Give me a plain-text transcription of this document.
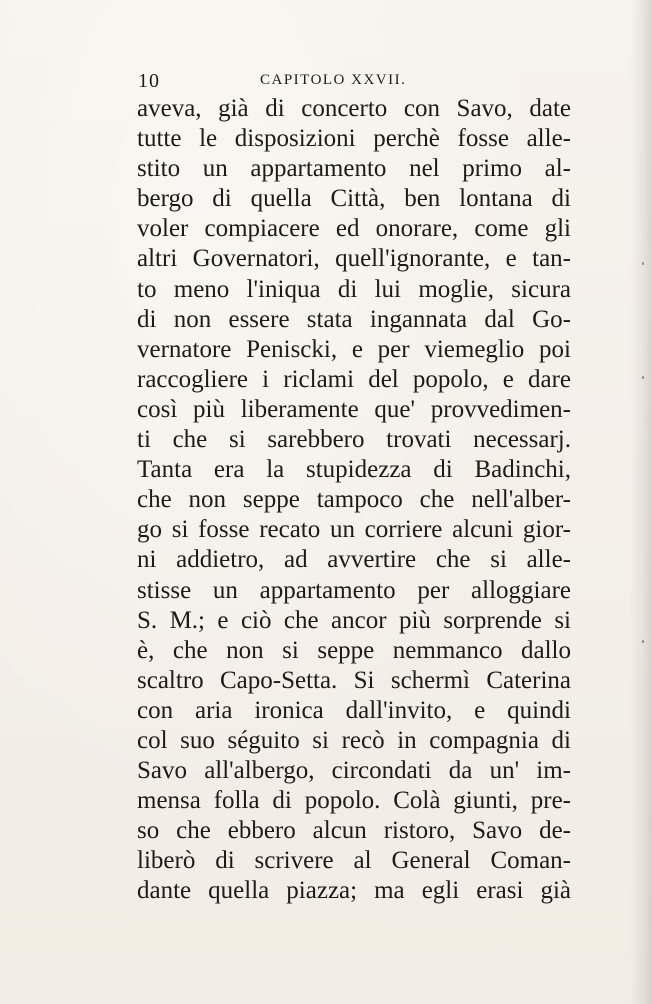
10	CAPITOLO XXVII.
aveva, già di concerto con Savo, date
tutte le disposizioni perchè fosse alle-
stito un appartamento nel primo al-
bergo di quella Città, ben lontana di
voler compiacere ed onorare, come gli
altri Governatori, quell'ignorante, e tan-
to meno l'iniqua di lui moglie, sicura
di non essere stata ingannata dal Go-
vernatore Peniscki, e per viemeglio poi
raccogliere i riclami del popolo, e dare
così più liberamente que' provvedimen-
ti che si sarebbero trovati necessarj.
Tanta era la stupidezza di Badinchi,
che non seppe tampoco che nell'alber-
go si fosse recato un corriere alcuni gior-
ni addietro, ad avvertire che si alle-
stisse un appartamento per alloggiare
S. M.; e ciò che ancor più sorprende si
è, che non si seppe nemmanco dallo
scaltro Capo-Setta. Si schermì Caterina
con aria ironica dall'invito, e quindi
col suo séguito si recò in compagnia di
Savo all'albergo, circondati da un' im-
mensa folla di popolo. Colà giunti, pre-
so che ebbero alcun ristoro, Savo de-
liberò di scrivere al General Coman-
dante quella piazza; ma egli erasi già
